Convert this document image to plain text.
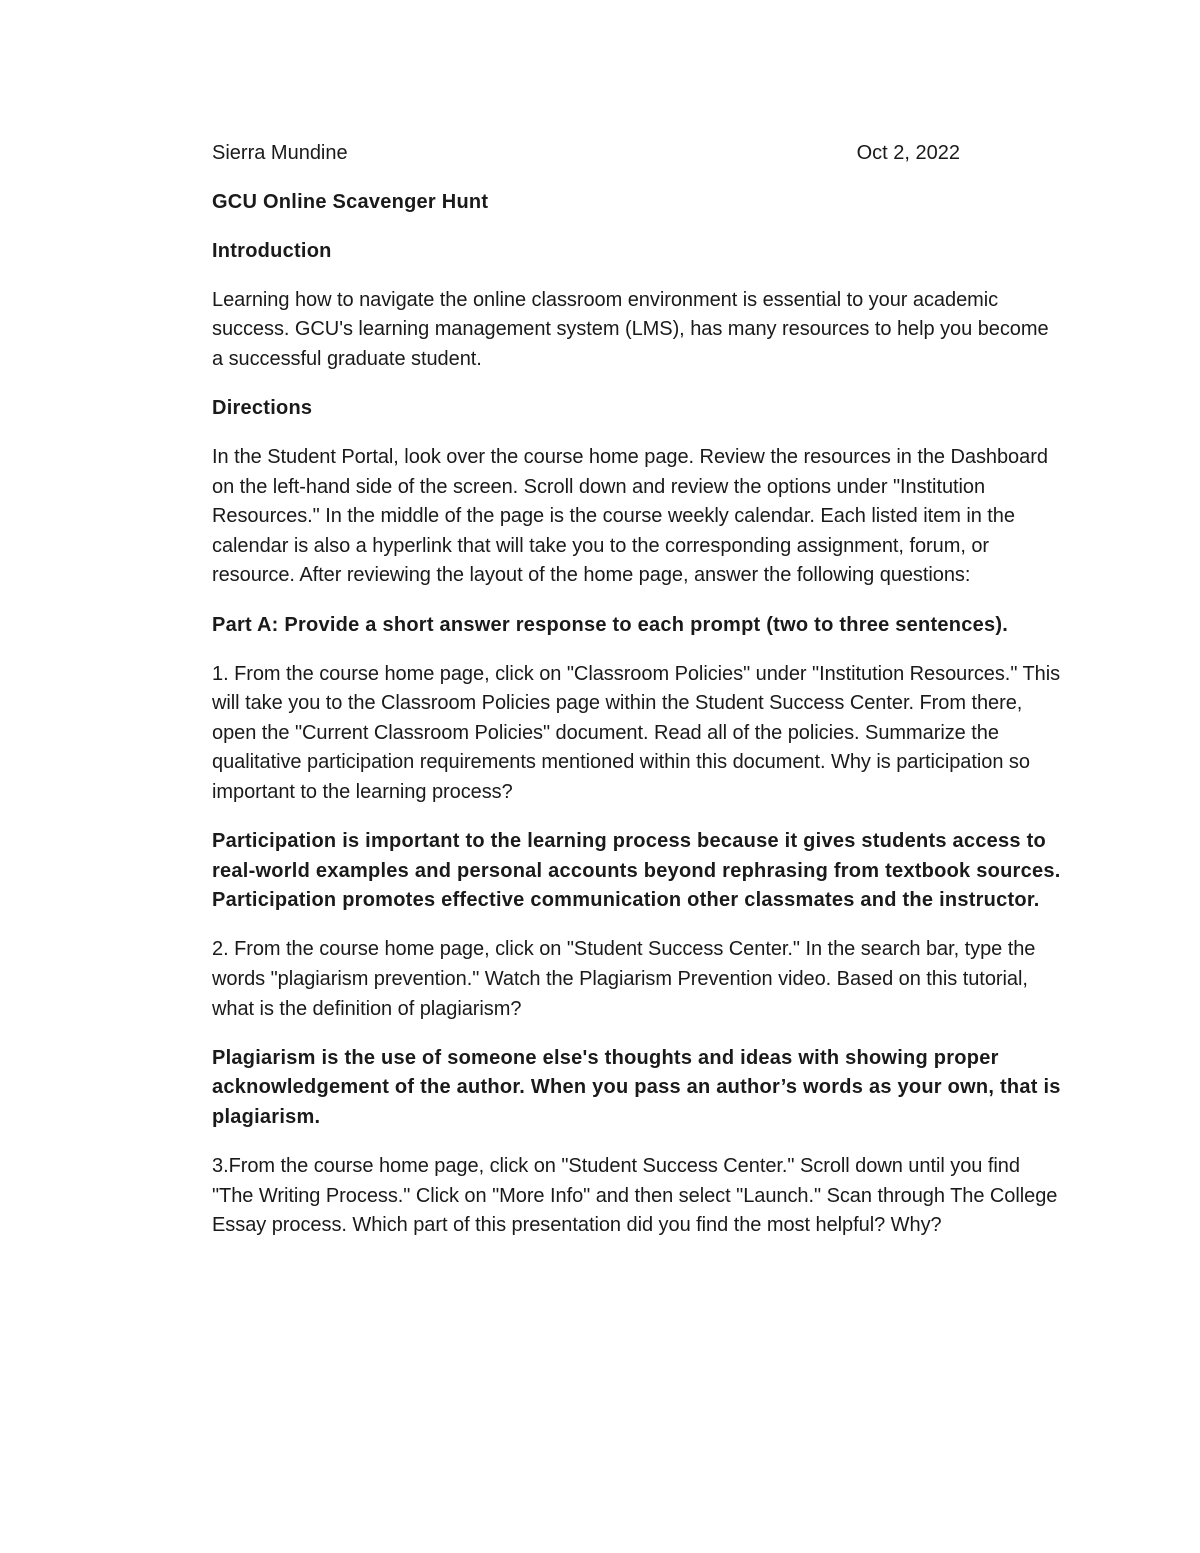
Sierra Mundine	Oct 2, 2022

GCU Online Scavenger Hunt

Introduction

Learning how to navigate the online classroom environment is essential to your academic success. GCU's learning management system (LMS), has many resources to help you become a successful graduate student.

Directions

In the Student Portal, look over the course home page. Review the resources in the Dashboard on the left-hand side of the screen. Scroll down and review the options under "Institution Resources." In the middle of the page is the course weekly calendar. Each listed item in the calendar is also a hyperlink that will take you to the corresponding assignment, forum, or resource. After reviewing the layout of the home page, answer the following questions:

Part A: Provide a short answer response to each prompt (two to three sentences).

1. From the course home page, click on "Classroom Policies" under "Institution Resources." This will take you to the Classroom Policies page within the Student Success Center. From there, open the "Current Classroom Policies" document. Read all of the policies. Summarize the qualitative participation requirements mentioned within this document. Why is participation so important to the learning process?

Participation is important to the learning process because it gives students access to real-world examples and personal accounts beyond rephrasing from textbook sources. Participation promotes effective communication other classmates and the instructor.

2. From the course home page, click on "Student Success Center." In the search bar, type the words "plagiarism prevention." Watch the Plagiarism Prevention video. Based on this tutorial, what is the definition of plagiarism?

Plagiarism is the use of someone else's thoughts and ideas with showing proper acknowledgement of the author. When you pass an author’s words as your own, that is plagiarism.

3.From the course home page, click on "Student Success Center." Scroll down until you find "The Writing Process." Click on "More Info" and then select "Launch." Scan through The College Essay process. Which part of this presentation did you find the most helpful? Why?
